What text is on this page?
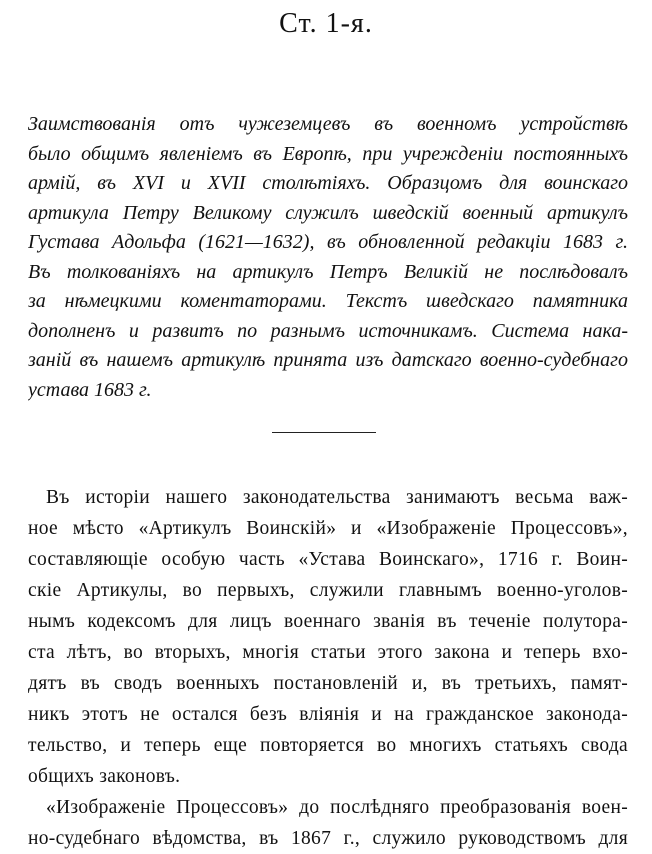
Ст. 1-я.
Заимствованія отъ чужеземцевъ въ военномъ устройствѣ
было общимъ явленіемъ въ Европѣ, при учрежденіи постоянныхъ
армій, въ XVI и XVII столѣтіяхъ. Образцомъ для воинскаго
артикула Петру Великому служилъ шведскій военный артикулъ
Густава Адольфа (1621—1632), въ обновленной редакціи 1683 г.
Въ толкованіяхъ на артикулъ Петръ Великій не послѣдовалъ
за нѣмецкими коментаторами. Текстъ шведскаго памятника
дополненъ и развитъ по разнымъ источникамъ. Система нака-
заній въ нашемъ артикулѣ принята изъ датскаго военно-судебнаго
устава 1683 г.
Въ исторіи нашего законодательства занимаютъ весьма важ-
ное мѣсто «Артикулъ Воинскій» и «Изображеніе Процессовъ»,
составляющіе особую часть «Устава Воинскаго», 1716 г. Воин-
скіе Артикулы, во первыхъ, служили главнымъ военно-уголов-
нымъ кодексомъ для лицъ военнаго званія въ теченіе полутора-
ста лѣтъ, во вторыхъ, многія статьи этого закона и теперь вхо-
дятъ въ сводъ военныхъ постановленій и, въ третьихъ, памят-
никъ этотъ не остался безъ вліянія и на гражданское законода-
тельство, и теперь еще повторяется во многихъ статьяхъ свода
общихъ законовъ.
«Изображеніе Процессовъ» до послѣдняго преобразованія воен-
но-судебнаго вѣдомства, въ 1867 г., служило руководствомъ для
